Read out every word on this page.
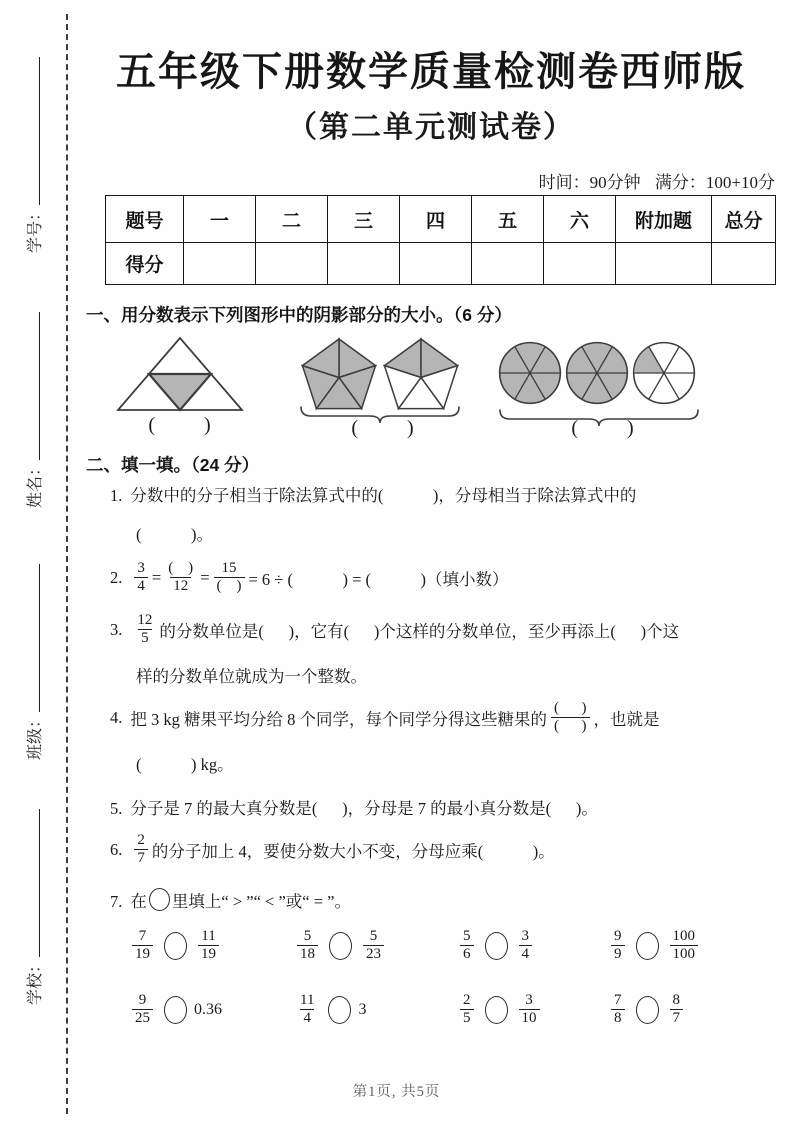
学号：
姓名：
班级：
学校：
五年级下册数学质量检测卷西师版
（第二单元测试卷）
时间：90分钟 满分：100+10分
题号	一	二	三	四	五	六	附加题	总分
得分								
一、用分数表示下列图形中的阴影部分的大小。（6 分）
(        )	(        )	(        )
二、填一填。（24 分）
1. 分数中的分子相当于除法算式中的(            )，分母相当于除法算式中的
(            )。
2. $\frac{3}{4} = \frac{( )}{12} = \frac{15}{( )} = 6$ ÷ (            ) = (            )（填小数）
3. $\frac{12}{5}$ 的分数单位是(      )，它有(      )个这样的分数单位，至少再添上(      )个这
样的分数单位就成为一个整数。
4. 把 3 kg 糖果平均分给 8 个同学，每个同学分得这些糖果的 $\frac{( )}{( )}$ ，也就是
(            ) kg。
5. 分子是 7 的最大真分数是(      )，分母是 7 的最小真分数是(      )。
6. $\frac{2}{7}$ 的分子加上 4，要使分数大小不变，分母应乘(            )。
7. 在 里填上“ > ”“ < ”或“ = ”。
$\frac{7}{19}$	$\frac{11}{19}$	$\frac{5}{18}$	$\frac{5}{23}$	$\frac{5}{6}$	$\frac{3}{4}$	$\frac{9}{9}$	$\frac{100}{100}$
$\frac{9}{25}$	0.36	$\frac{11}{4}$	3	$\frac{2}{5}$	$\frac{3}{10}$	$\frac{7}{8}$	$\frac{8}{7}$
第1页, 共5页
